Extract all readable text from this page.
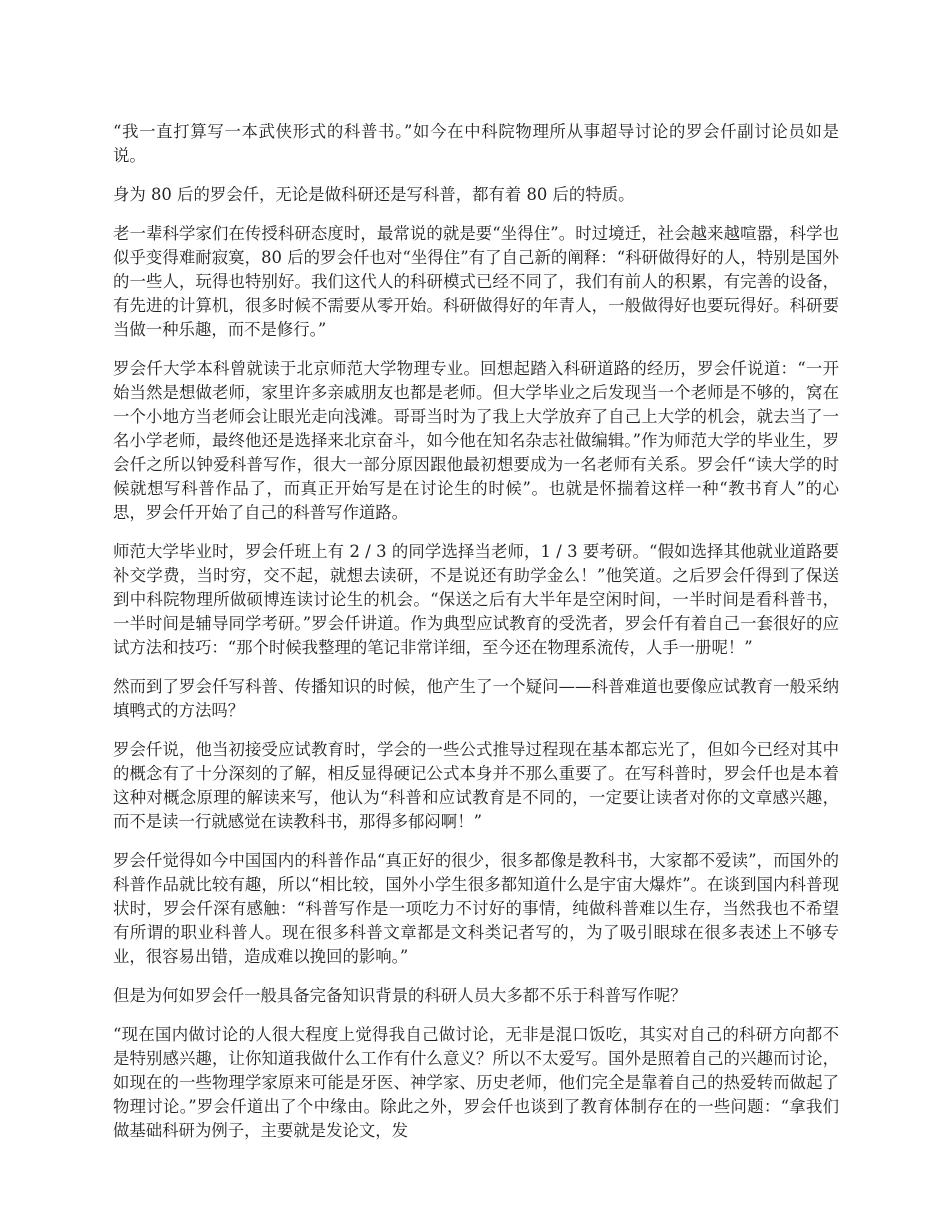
“我一直打算写一本武侠形式的科普书。”如今在中科院物理所从事超导讨论的罗会仟副讨论员如是说。

身为 80 后的罗会仟，无论是做科研还是写科普，都有着 80 后的特质。

老一辈科学家们在传授科研态度时，最常说的就是要“坐得住”。时过境迁，社会越来越喧嚣，科学也似乎变得难耐寂寞，80 后的罗会仟也对“坐得住”有了自己新的阐释：“科研做得好的人，特别是国外的一些人，玩得也特别好。我们这代人的科研模式已经不同了，我们有前人的积累，有完善的设备，有先进的计算机，很多时候不需要从零开始。科研做得好的年青人，一般做得好也要玩得好。科研要当做一种乐趣，而不是修行。”

罗会仟大学本科曾就读于北京师范大学物理专业。回想起踏入科研道路的经历，罗会仟说道：“一开始当然是想做老师，家里许多亲戚朋友也都是老师。但大学毕业之后发现当一个老师是不够的，窝在一个小地方当老师会让眼光走向浅滩。哥哥当时为了我上大学放弃了自己上大学的机会，就去当了一名小学老师，最终他还是选择来北京奋斗，如今他在知名杂志社做编辑。”作为师范大学的毕业生，罗会仟之所以钟爱科普写作，很大一部分原因跟他最初想要成为一名老师有关系。罗会仟“读大学的时候就想写科普作品了，而真正开始写是在讨论生的时候”。也就是怀揣着这样一种“教书育人”的心思，罗会仟开始了自己的科普写作道路。

师范大学毕业时，罗会仟班上有 2 / 3 的同学选择当老师，1 / 3 要考研。“假如选择其他就业道路要补交学费，当时穷，交不起，就想去读研，不是说还有助学金么！”他笑道。之后罗会仟得到了保送到中科院物理所做硕博连读讨论生的机会。“保送之后有大半年是空闲时间，一半时间是看科普书，一半时间是辅导同学考研。”罗会仟讲道。作为典型应试教育的受洗者，罗会仟有着自己一套很好的应试方法和技巧：“那个时候我整理的笔记非常详细，至今还在物理系流传，人手一册呢！”

然而到了罗会仟写科普、传播知识的时候，他产生了一个疑问——科普难道也要像应试教育一般采纳填鸭式的方法吗？

罗会仟说，他当初接受应试教育时，学会的一些公式推导过程现在基本都忘光了，但如今已经对其中的概念有了十分深刻的了解，相反显得硬记公式本身并不那么重要了。在写科普时，罗会仟也是本着这种对概念原理的解读来写，他认为“科普和应试教育是不同的，一定要让读者对你的文章感兴趣，而不是读一行就感觉在读教科书，那得多郁闷啊！”

罗会仟觉得如今中国国内的科普作品“真正好的很少，很多都像是教科书，大家都不爱读”，而国外的科普作品就比较有趣，所以“相比较，国外小学生很多都知道什么是宇宙大爆炸”。在谈到国内科普现状时，罗会仟深有感触：“科普写作是一项吃力不讨好的事情，纯做科普难以生存，当然我也不希望有所谓的职业科普人。现在很多科普文章都是文科类记者写的，为了吸引眼球在很多表述上不够专业，很容易出错，造成难以挽回的影响。”

但是为何如罗会仟一般具备完备知识背景的科研人员大多都不乐于科普写作呢？

“现在国内做讨论的人很大程度上觉得我自己做讨论，无非是混口饭吃，其实对自己的科研方向都不是特别感兴趣，让你知道我做什么工作有什么意义？所以不太爱写。国外是照着自己的兴趣而讨论，如现在的一些物理学家原来可能是牙医、神学家、历史老师，他们完全是靠着自己的热爱转而做起了物理讨论。”罗会仟道出了个中缘由。除此之外，罗会仟也谈到了教育体制存在的一些问题：“拿我们做基础科研为例子，主要就是发论文，发
